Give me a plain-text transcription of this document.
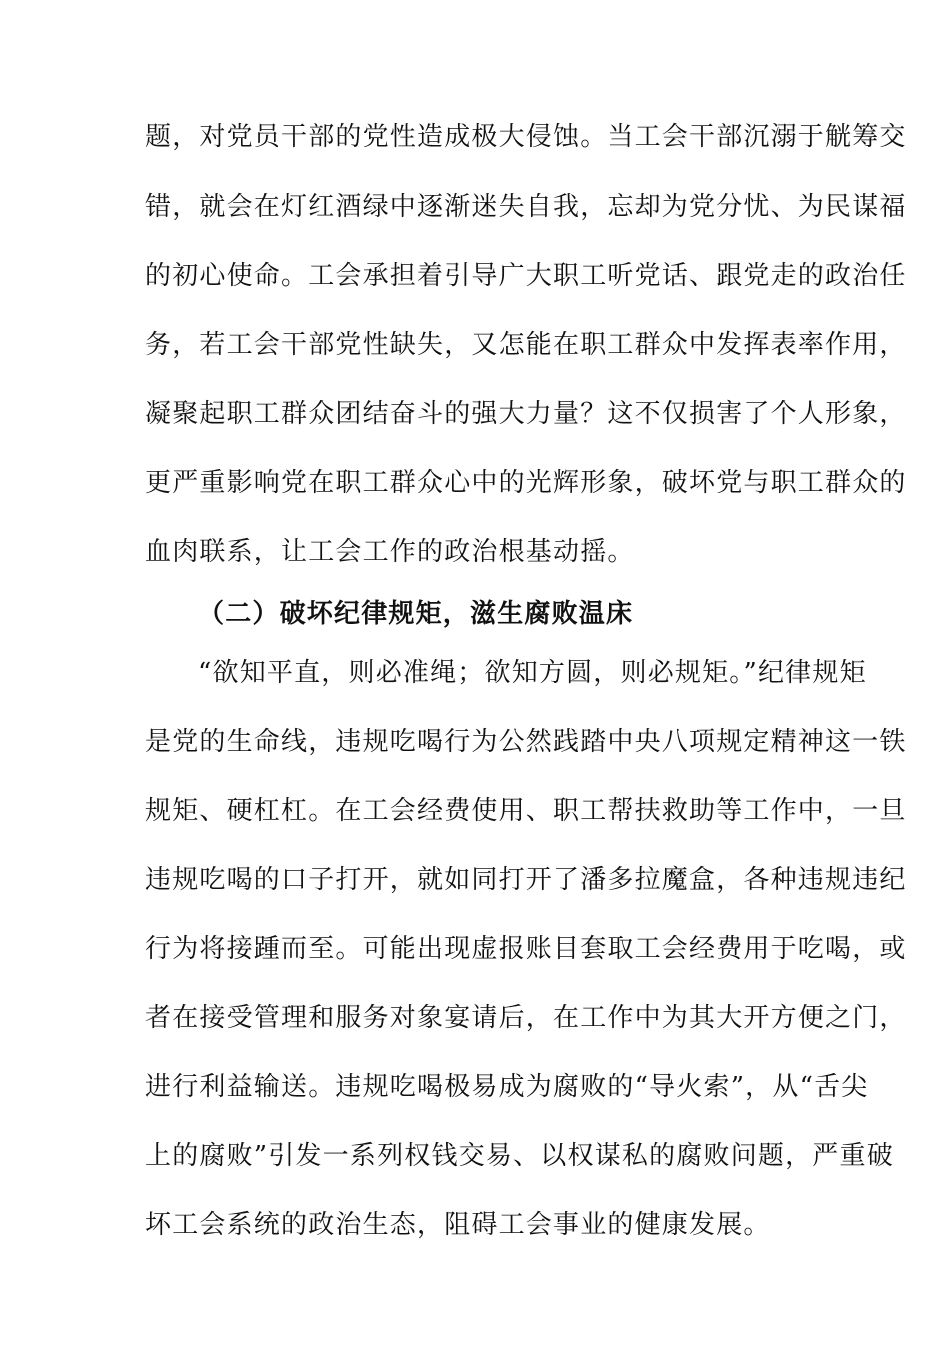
题，对党员干部的党性造成极大侵蚀。当工会干部沉溺于觥筹交
错，就会在灯红酒绿中逐渐迷失自我，忘却为党分忧、为民谋福
的初心使命。工会承担着引导广大职工听党话、跟党走的政治任
务，若工会干部党性缺失，又怎能在职工群众中发挥表率作用，
凝聚起职工群众团结奋斗的强大力量？这不仅损害了个人形象，
更严重影响党在职工群众心中的光辉形象，破坏党与职工群众的
血肉联系，让工会工作的政治根基动摇。
（二）破坏纪律规矩，滋生腐败温床
“欲知平直，则必准绳；欲知方圆，则必规矩。”纪律规矩
是党的生命线，违规吃喝行为公然践踏中央八项规定精神这一铁
规矩、硬杠杠。在工会经费使用、职工帮扶救助等工作中，一旦
违规吃喝的口子打开，就如同打开了潘多拉魔盒，各种违规违纪
行为将接踵而至。可能出现虚报账目套取工会经费用于吃喝，或
者在接受管理和服务对象宴请后，在工作中为其大开方便之门，
进行利益输送。违规吃喝极易成为腐败的“导火索”，从“舌尖
上的腐败”引发一系列权钱交易、以权谋私的腐败问题，严重破
坏工会系统的政治生态，阻碍工会事业的健康发展。
